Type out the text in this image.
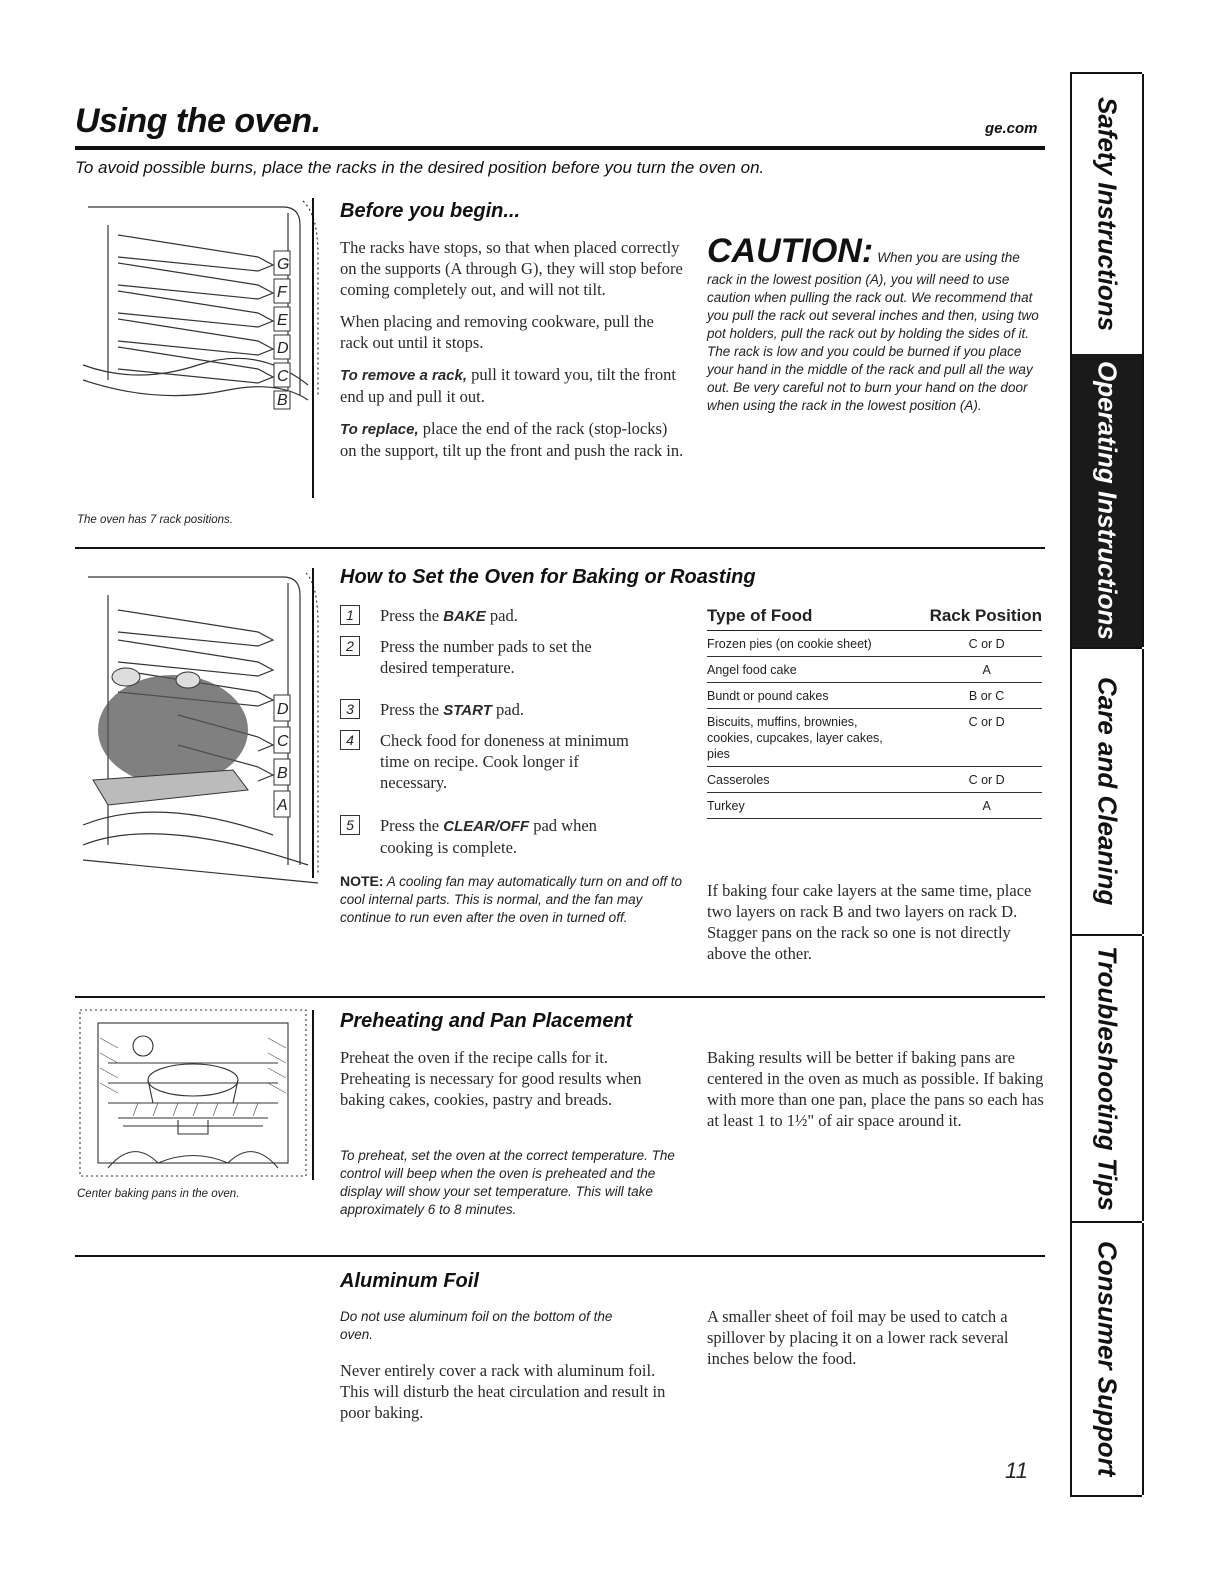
Using the oven.	ge.com
To avoid possible burns, place the racks in the desired position before you turn the oven on.
G
F
E
D
C
B
The oven has 7 rack positions.
Before you begin...

The racks have stops, so that when placed correctly on the supports (A through G), they will stop before coming completely out, and will not tilt.

When placing and removing cookware, pull the rack out until it stops.

To remove a rack, pull it toward you, tilt the front end up and pull it out.

To replace, place the end of the rack (stop-locks) on the support, tilt up the front and push the rack in.

CAUTION: When you are using the rack in the lowest position (A), you will need to use caution when pulling the rack out. We recommend that you pull the rack out several inches and then, using two pot holders, pull the rack out by holding the sides of it. The rack is low and you could be burned if you place your hand in the middle of the rack and pull all the way out. Be very careful not to burn your hand on the door when using the rack in the lowest position (A).
D
C
B
A
How to Set the Oven for Baking or Roasting
1	Press the BAKE pad.
2	Press the number pads to set the desired temperature.
3	Press the START pad.
4	Check food for doneness at minimum time on recipe. Cook longer if necessary.
5	Press the CLEAR/OFF pad when cooking is complete.
NOTE: A cooling fan may automatically turn on and off to cool internal parts. This is normal, and the fan may continue to run even after the oven in turned off.
Type of Food	Rack Position
Frozen pies (on cookie sheet)	C or D
Angel food cake	A
Bundt or pound cakes	B or C
Biscuits, muffins, brownies, cookies, cupcakes, layer cakes, pies	C or D
Casseroles	C or D
Turkey	A
If baking four cake layers at the same time, place two layers on rack B and two layers on rack D. Stagger pans on the rack so one is not directly above the other.
Center baking pans in the oven.
Preheating and Pan Placement
Preheat the oven if the recipe calls for it. Preheating is necessary for good results when baking cakes, cookies, pastry and breads.
To preheat, set the oven at the correct temperature. The control will beep when the oven is preheated and the display will show your set temperature. This will take approximately 6 to 8 minutes.
Baking results will be better if baking pans are centered in the oven as much as possible. If baking with more than one pan, place the pans so each has at least 1 to 1½" of air space around it.
Aluminum Foil
Do not use aluminum foil on the bottom of the oven.
Never entirely cover a rack with aluminum foil. This will disturb the heat circulation and result in poor baking.
A smaller sheet of foil may be used to catch a spillover by placing it on a lower rack several inches below the food.
11
Safety Instructions
Operating Instructions
Care and Cleaning
Troubleshooting Tips
Consumer Support
